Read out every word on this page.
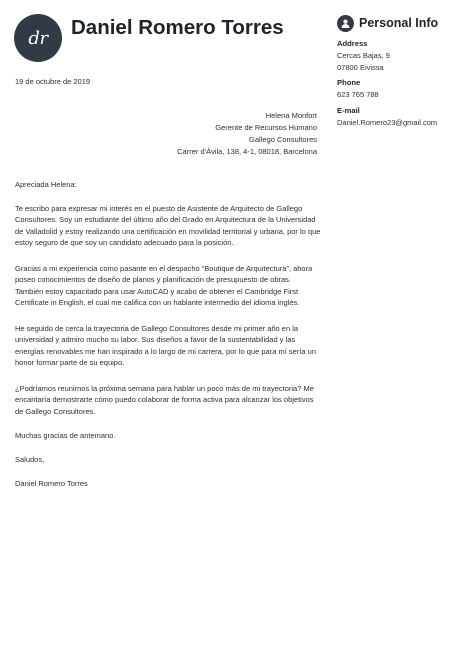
dr	Daniel Romero Torres	Personal Info
Address
Cercas Bajas, 9
07800 Eivissa
Phone
623 765 788
E-mail
Daniel.Romero23@gmail.com
19 de octubre de 2019
Helena Monfort
Gerente de Recursos Humano
Gallego Consultores
Carrer d'Àvila, 138, 4-1, 08018, Barcelona
Apreciada Helena:
Te escribo para expresar mi interés en el puesto de Asistente de Arquitecto de Gallego Consultores. Soy un estudiante del último año del Grado en Arquitectura de la Universidad de Valladolid y estoy realizando una certificación en movilidad territorial y urbana, por lo que estoy seguro de que soy un candidato adecuado para la posición.
Gracias a mi experiencia como pasante en el despacho “Boutique de Arquitectura”, ahora poseo conocimientos de diseño de planos y planificación de presupuesto de obras. También estoy capacitado para usar AutoCAD y acabo de obtener el Cambridge First Certificate in English, el cual me califica con un hablante intermedio del idioma inglés.
He seguido de cerca la trayectoria de Gallego Consultores desde mi primer año en la universidad y admiro mucho su labor. Sus diseños a favor de la sustentabilidad y las energías renovables me han inspirado a lo largo de mi carrera, por lo que para mí sería un honor formar parte de su equipo.
¿Podríamos reunirnos la próxima semana para hablar un poco más de mi trayectoria? Me encantaría demostrarte cómo puedo colaborar de forma activa para alcanzar los objetivos de Gallego Consultores.
Muchas gracias de antemano.
Saludos,
Daniel Romero Torres
